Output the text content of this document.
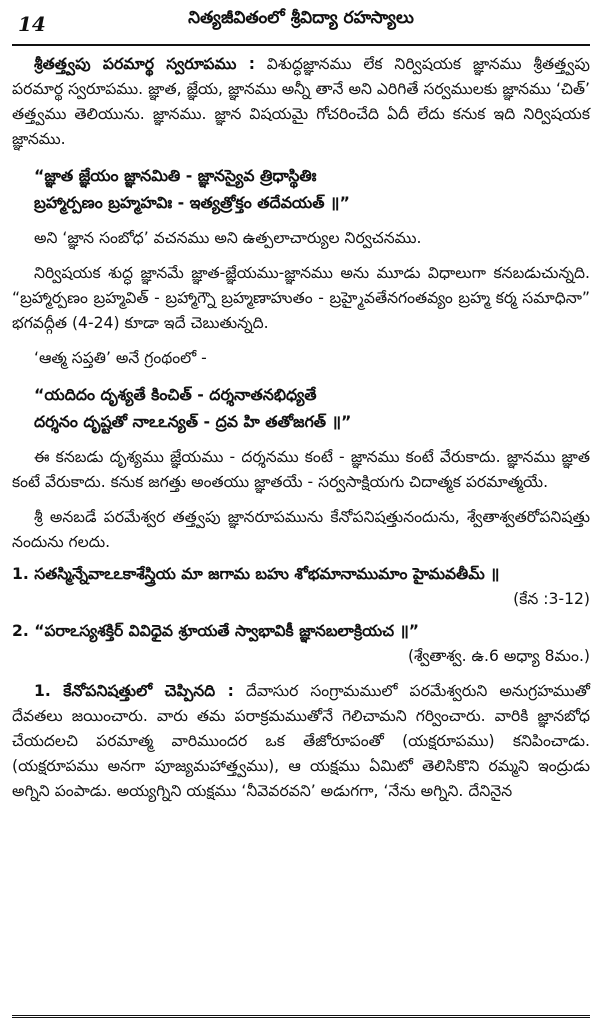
14	నిత్యజీవితంలో శ్రీవిద్యా రహస్యాలు

శ్రీతత్త్వపు పరమార్థ స్వరూపము : విశుద్ధజ్ఞానము లేక నిర్విషయక జ్ఞానము శ్రీతత్త్వపు పరమార్థ స్వరూపము. జ్ఞాత, జ్ఞేయ, జ్ఞానము అన్నీ తానే అని ఎరిగితే సర్వములకు జ్ఞానము ‘చిత్’ తత్త్వము తెలియును. జ్ఞానము. జ్ఞాన విషయమై గోచరించేది ఏదీ లేదు కనుక ఇది నిర్విషయక జ్ఞానము.

“జ్ఞాత జ్ఞేయం జ్ఞానమితి - జ్ఞానస్యైవ త్రిధాస్థితిః

బ్రహ్మార్పణం బ్రహ్మహవిః - ఇత్యత్రోక్తం తదేవయత్ ॥”

అని ‘జ్ఞాన సంబోధ’ వచనము అని ఉత్పలాచార్యుల నిర్వచనము.

నిర్విషయక శుద్ధ జ్ఞానమే జ్ఞాత-జ్ఞేయము-జ్ఞానము అను మూడు విధాలుగా కనబడుచున్నది. “బ్రహ్మార్పణం బ్రహ్మవిత్ - బ్రహ్మాగ్నౌ బ్రహ్మణాహుతం - బ్రహ్మైవతేనగంతవ్యం బ్రహ్మ కర్మ సమాధినా” భగవద్గీత (4-24) కూడా ఇదే చెబుతున్నది.

‘ఆత్మ సప్తతి’ అనే గ్రంథంలో -

“యదిదం దృశ్యతే కించిత్ - దర్శనాతనభిధ్యతే

దర్శనం దృష్టతో నాఽఽన్యత్ - ద్రవ హి తతోజగత్ ॥”

ఈ కనబడు దృశ్యము జ్ఞేయము - దర్శనము కంటే - జ్ఞానము కంటే వేరుకాదు. జ్ఞానము జ్ఞాత కంటే వేరుకాదు. కనుక జగత్తు అంతయు జ్ఞాతయే - సర్వసాక్షియగు చిదాత్మక పరమాత్మయే.

శ్రీ అనబడే పరమేశ్వర తత్త్వపు జ్ఞానరూపమును కేనోపనిషత్తునందును, శ్వేతాశ్వతరోపనిషత్తు నందును గలదు.

1. సతస్మిన్నేవాఽఽకాశేస్త్రియ మా జగామ బహు శోభమానాముమాం హైమవతీమ్ ॥

(కేన :3-12)

2. “పరాఽస్యశక్తిర్ వివిధైవ శ్రూయతే స్వాభావికీ జ్ఞానబలాక్రియచ ॥”

(శ్వేతాశ్వ. ఉ.6 అధ్యా 8మం.)

1. కేనోపనిషత్తులో చెప్పినది : దేవాసుర సంగ్రామములో పరమేశ్వరుని అనుగ్రహముతో దేవతలు జయించారు. వారు తమ పరాక్రమముతోనే గెలిచామని గర్వించారు. వారికి జ్ఞానబోధ చేయదలచి పరమాత్మ వారిముందర ఒక తేజోరూపంతో (యక్షరూపము) కనిపించాడు. (యక్షరూపము అనగా పూజ్యమహాత్త్వము), ఆ యక్షము ఏమిటో తెలిసికొని రమ్మని ఇంద్రుడు అగ్నిని పంపాడు. అయ్యగ్నిని యక్షము ‘నీవెవరవని’ అడుగగా, ‘నేను అగ్నిని. దేనినైన
